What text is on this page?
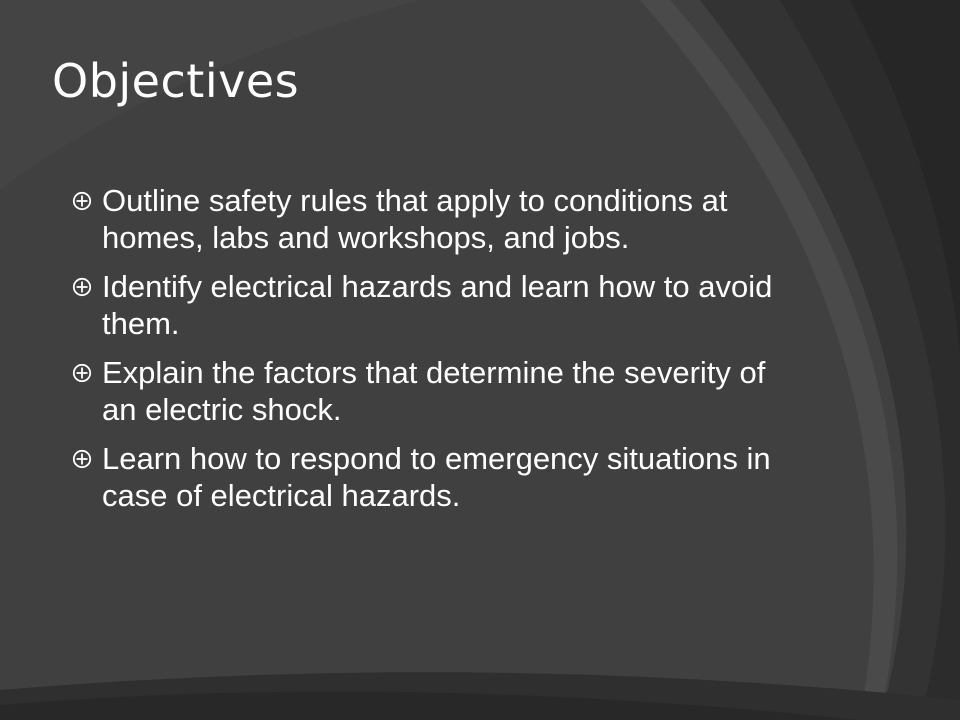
Objectives
Outline safety rules that apply to conditions at homes, labs and workshops, and jobs.
Identify electrical hazards and learn how to avoid them.
Explain the factors that determine the severity of an electric shock.
Learn how to respond to emergency situations in case of electrical hazards.
